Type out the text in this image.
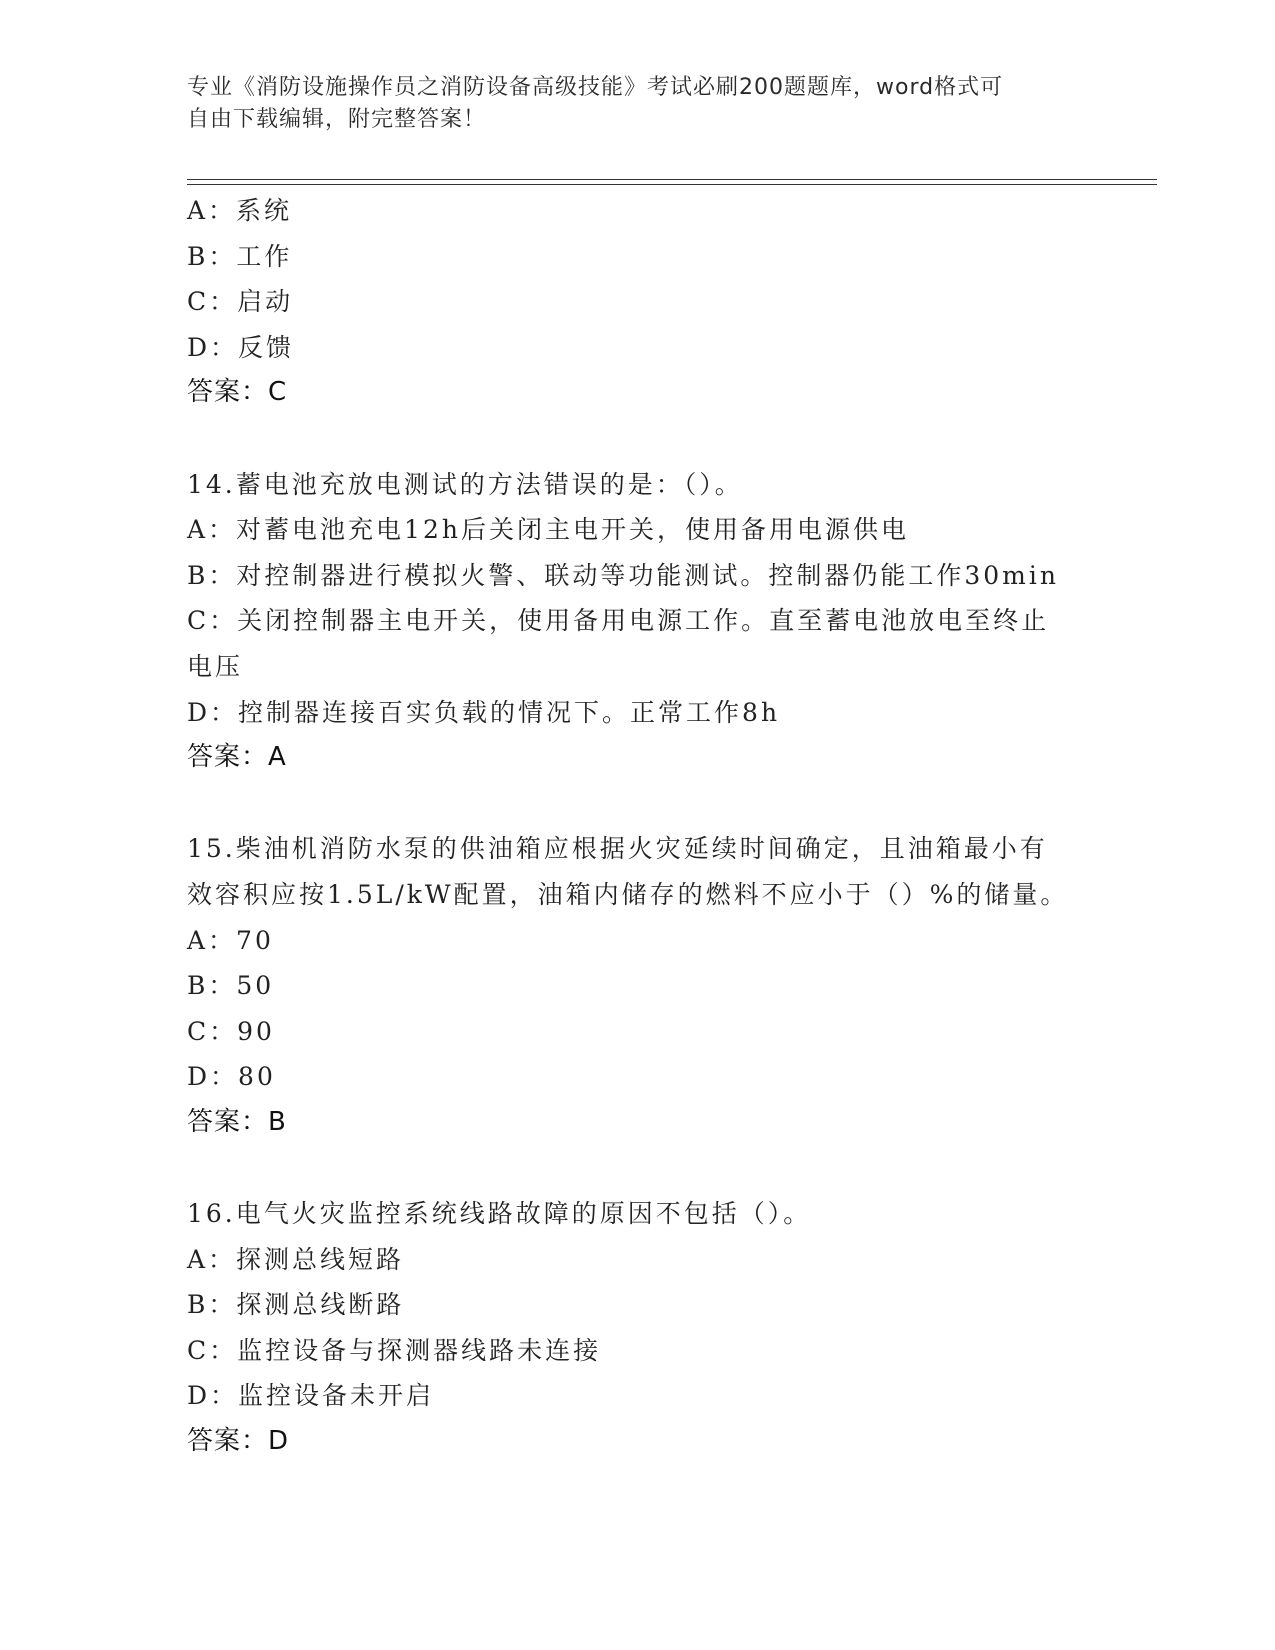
专业《消防设施操作员之消防设备高级技能》考试必刷200题题库，word格式可
自由下载编辑，附完整答案！
A：系统
B：工作
C：启动
D：反馈
答案：C
14.蓄电池充放电测试的方法错误的是：（）。
A：对蓄电池充电12h后关闭主电开关，使用备用电源供电
B：对控制器进行模拟火警、联动等功能测试。控制器仍能工作30min
C：关闭控制器主电开关，使用备用电源工作。直至蓄电池放电至终止
电压
D：控制器连接百实负载的情况下。正常工作8h
答案：A
15.柴油机消防水泵的供油箱应根据火灾延续时间确定，且油箱最小有
效容积应按1.5L/kW配置，油箱内储存的燃料不应小于（）%的储量。
A：70
B：50
C：90
D：80
答案：B
16.电气火灾监控系统线路故障的原因不包括（）。
A：探测总线短路
B：探测总线断路
C：监控设备与探测器线路未连接
D：监控设备未开启
答案：D
